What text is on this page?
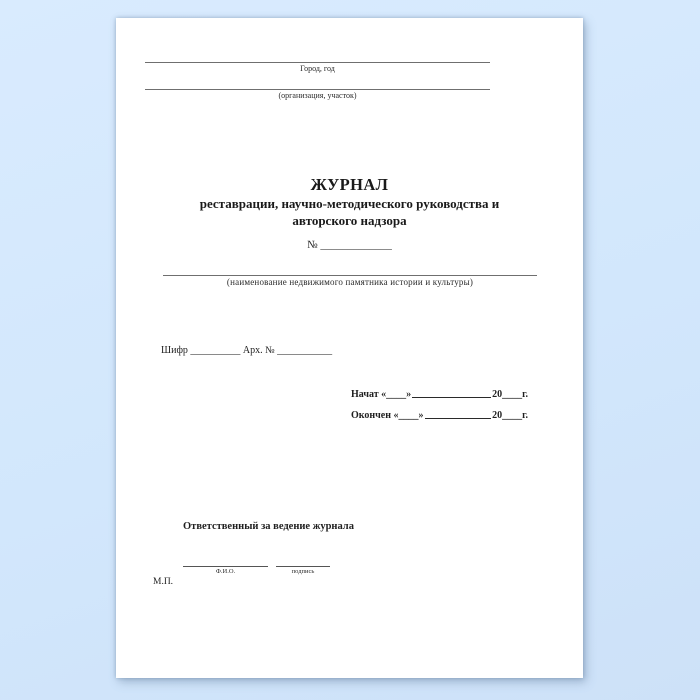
Город, год
(организация, участок)
ЖУРНАЛ
реставрации, научно-методического руководства и авторского надзора
№ _____________
(наименование недвижимого памятника истории и культуры)
Шифр __________ Арх. № ___________
Начат «____»	20____г.
Окончен «____»	20____г.
Ответственный за ведение журнала
Ф.И.О.	подпись
М.П.
